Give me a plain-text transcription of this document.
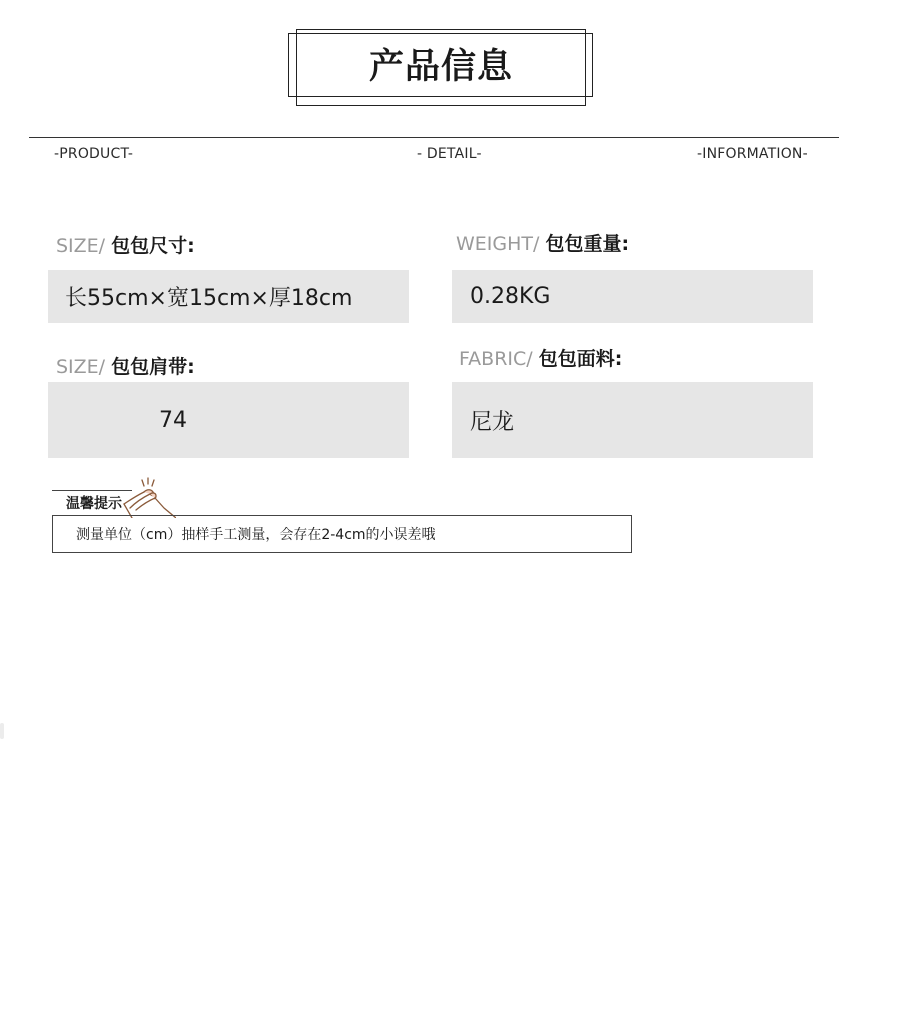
产品信息
-PRODUCT-	- DETAIL-	-INFORMATION-
SIZE/ 包包尺寸:
长55cm×宽15cm×厚18cm
WEIGHT/ 包包重量:
0.28KG
SIZE/ 包包肩带:
74
FABRIC/ 包包面料:
尼龙
温馨提示
测量单位（cm）抽样手工测量，会存在2-4cm的小误差哦
